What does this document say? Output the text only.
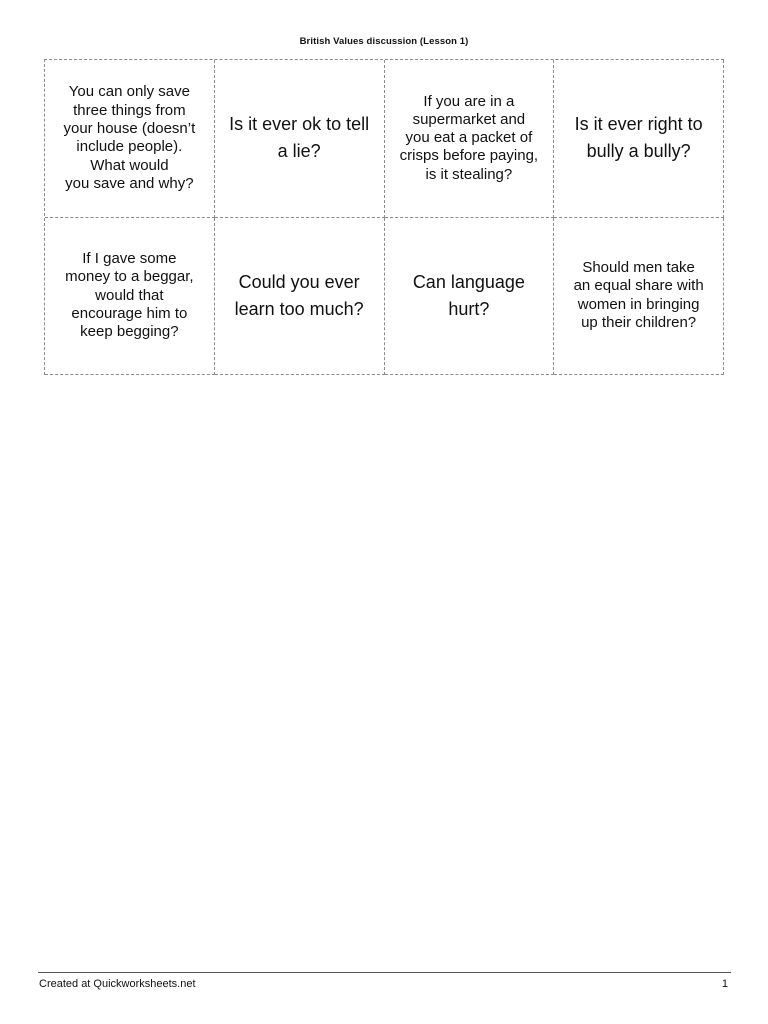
British Values discussion (Lesson 1)
You can only save
three things from
your house (doesn’t
include people).
What would
you save and why?
Is it ever ok to tell
a lie?
If you are in a
supermarket and
you eat a packet of
crisps before paying,
is it stealing?
Is it ever right to
bully a bully?
If I gave some
money to a beggar,
would that
encourage him to
keep begging?
Could you ever
learn too much?
Can language
hurt?
Should men take
an equal share with
women in bringing
up their children?
Created at Quickworksheets.net	1
